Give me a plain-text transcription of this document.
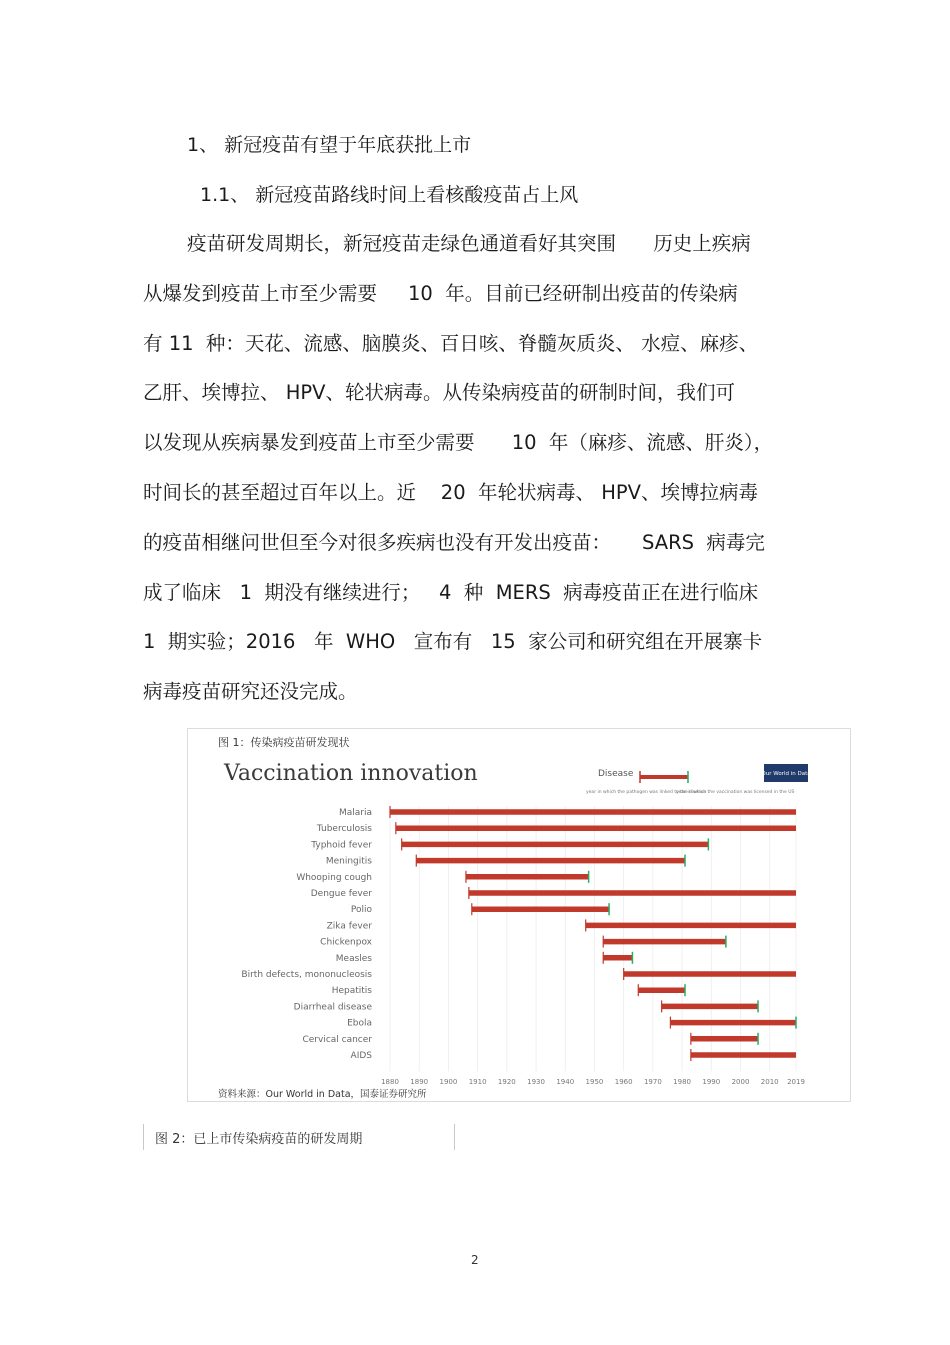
1、 新冠疫苗有望于年底获批上市
1.1、 新冠疫苗路线时间上看核酸疫苗占上风
疫苗研发周期长，新冠疫苗走绿色通道看好其突围      历史上疾病
从爆发到疫苗上市至少需要     10  年。目前已经研制出疫苗的传染病
有 11  种：天花、流感、脑膜炎、百日咳、脊髓灰质炎、 水痘、麻疹、
乙肝、埃博拉、 HPV、轮状病毒。从传染病疫苗的研制时间，我们可
以发现从疾病暴发到疫苗上市至少需要      10  年（麻疹、流感、肝炎），
时间长的甚至超过百年以上。近    20  年轮状病毒、 HPV、埃博拉病毒
的疫苗相继问世但至今对很多疾病也没有开发出疫苗：     SARS  病毒完
成了临床   1  期没有继续进行；   4  种  MERS  病毒疫苗正在进行临床
1  期实验；2016   年  WHO   宣布有   15  家公司和研究组在开展寨卡
病毒疫苗研究还没完成。
图 1：传染病疫苗研发现状
Vaccination innovation	Disease
year in which the pathogen was linked to the disease
year in which the vaccination was licensed in the US
Our World in Data
Malaria
Tuberculosis
Typhoid fever
Meningitis
Whooping cough
Dengue fever
Polio
Zika fever
Chickenpox
Measles
Birth defects, mononucleosis
Hepatitis
Diarrheal disease
Ebola
Cervical cancer
AIDS
1880 1890 1900 1910 1920 1930 1940 1950 1960 1970 1980 1990 2000 2010 2019
资料来源：Our World in Data，国泰证券研究所
图 2：已上市传染病疫苗的研发周期
2
